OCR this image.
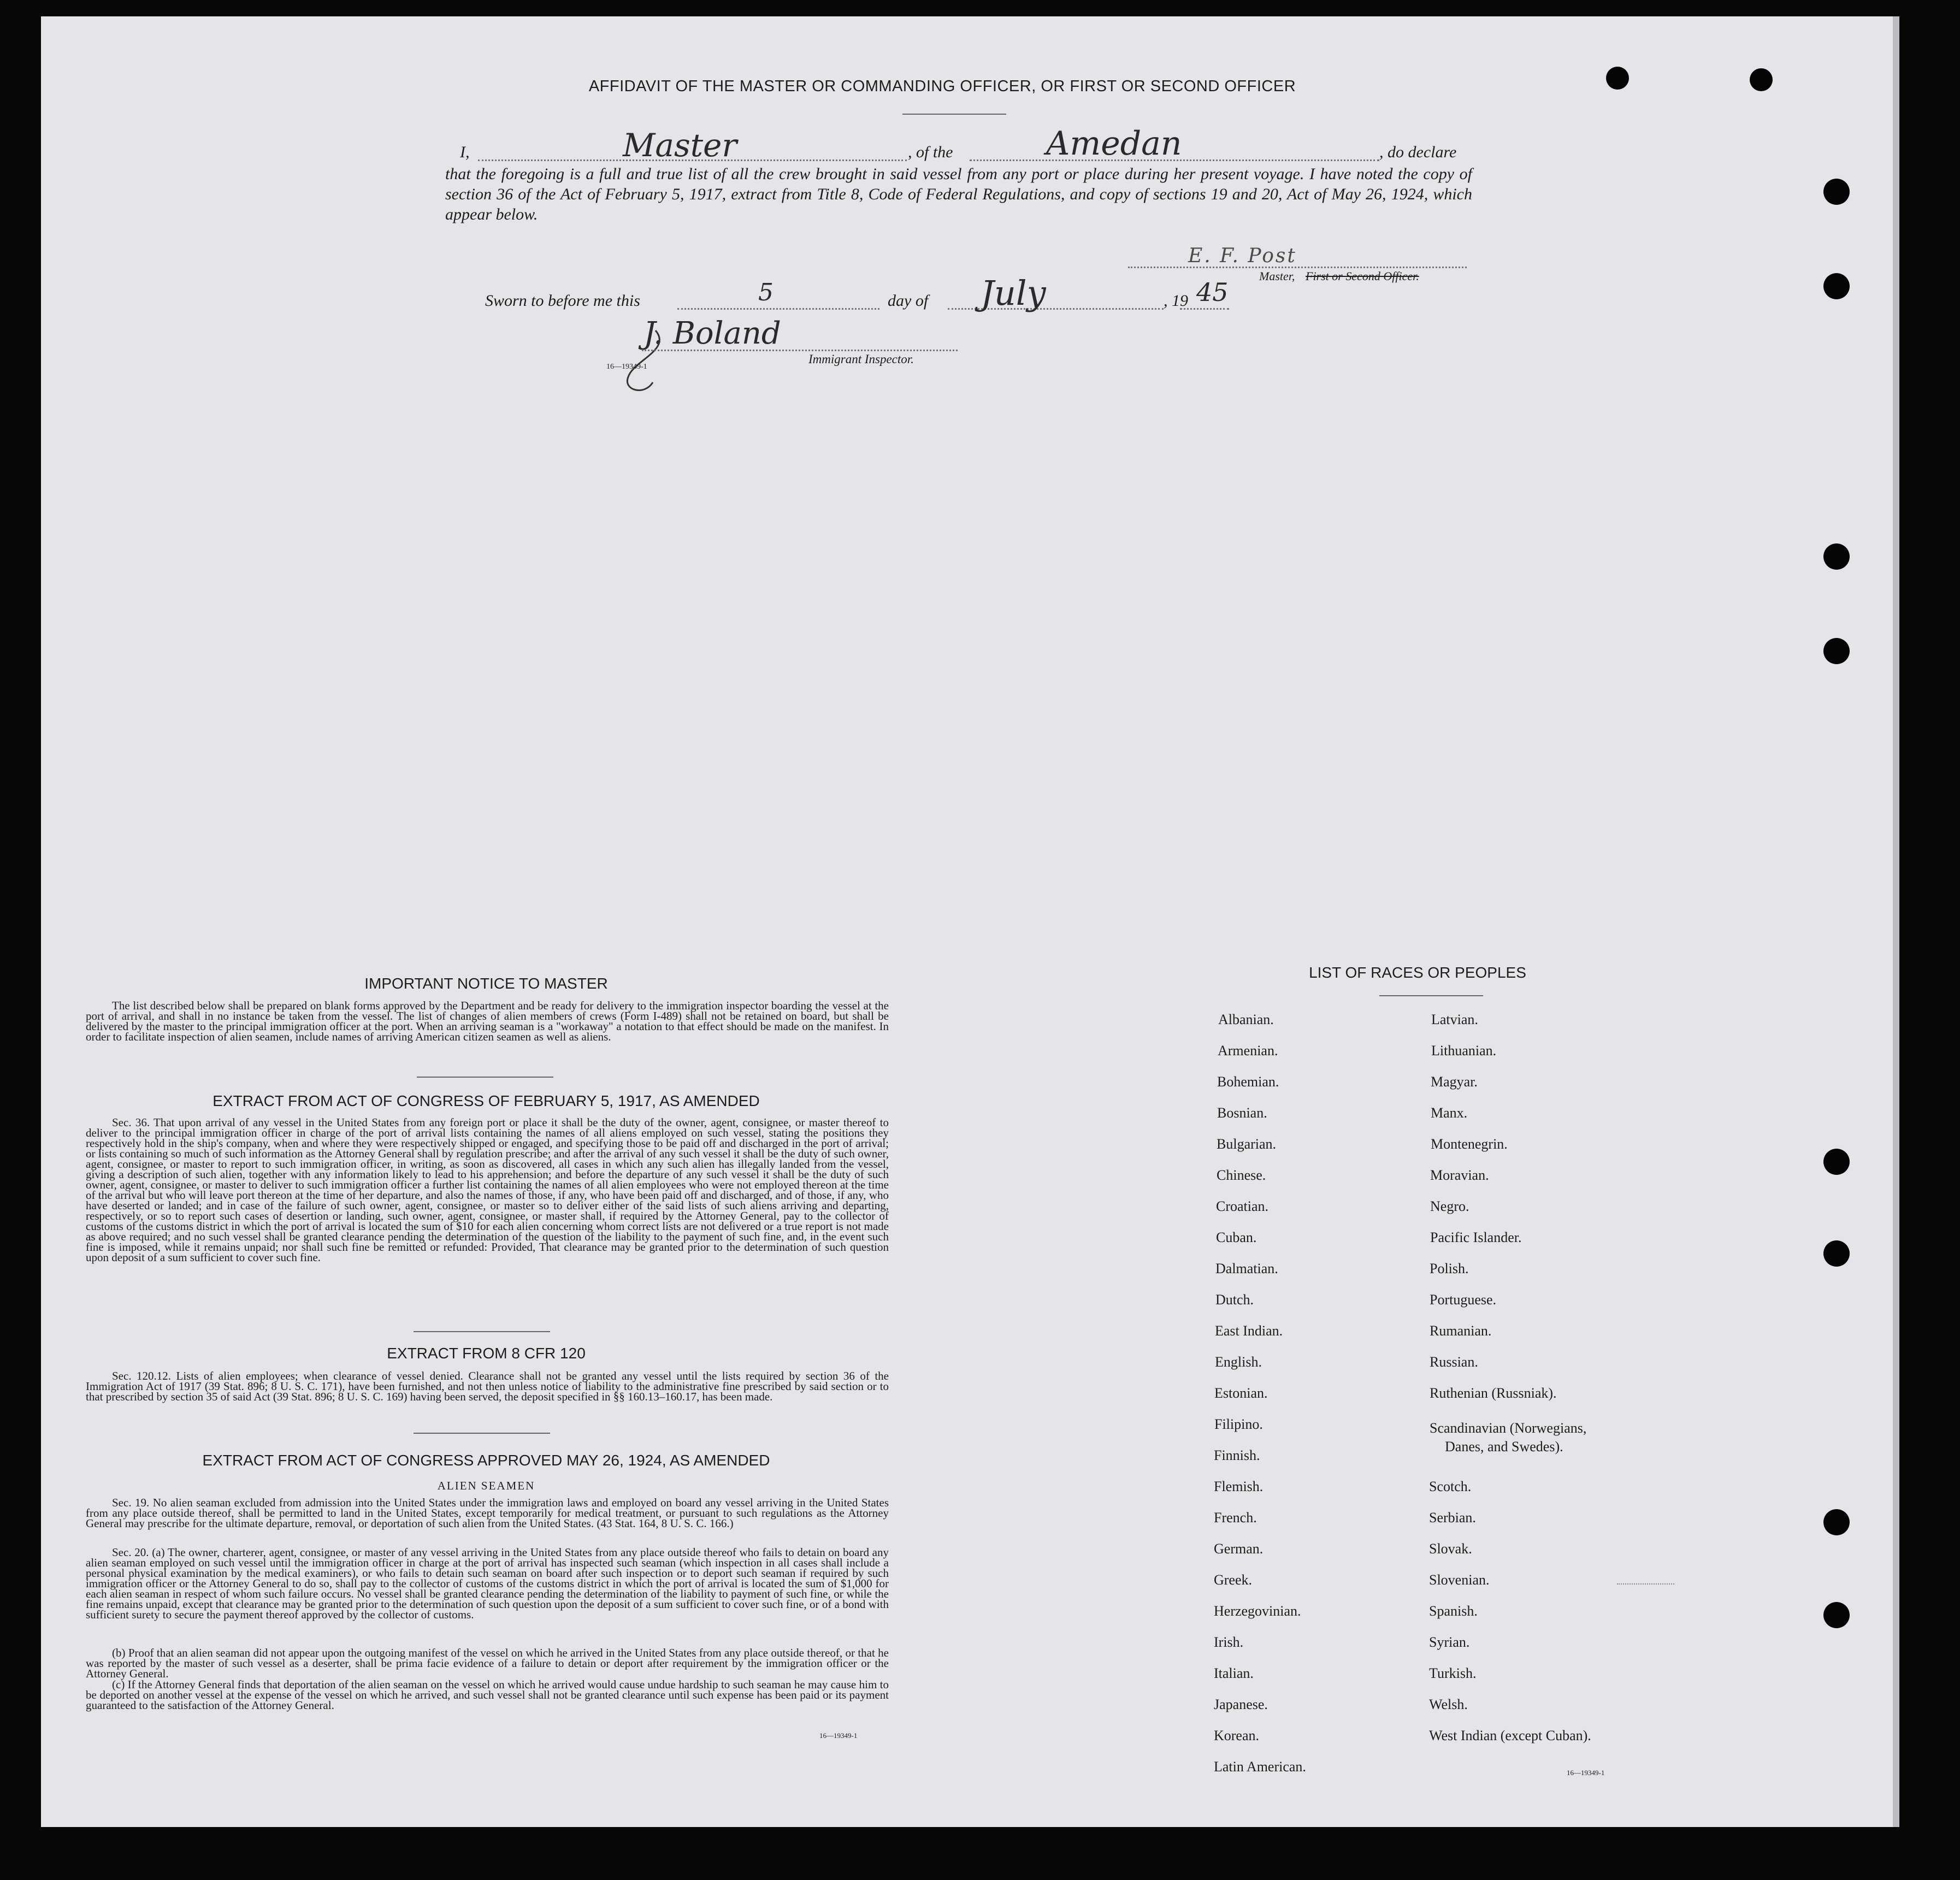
AFFIDAVIT OF THE MASTER OR COMMANDING OFFICER, OR FIRST OR SECOND OFFICER
I,	Master	, of the	Amedan	, do declare
that the foregoing is a full and true list of all the crew brought in said vessel from any port or place during her present voyage. I have noted the copy of section 36 of the Act of February 5, 1917, extract from Title 8, Code of Federal Regulations, and copy of sections 19 and 20, Act of May 26, 1924, which appear below.
E. F. Post
Master, First or Second Officer.
Sworn to before me this	5	day of July	, 19 45
J. Boland
16—19349-1
Immigrant Inspector.
IMPORTANT NOTICE TO MASTER
The list described below shall be prepared on blank forms approved by the Department and be ready for delivery to the immigration inspector boarding the vessel at the port of arrival, and shall in no instance be taken from the vessel. The list of changes of alien members of crews (Form I-489) shall not be retained on board, but shall be delivered by the master to the principal immigration officer at the port. When an arriving seaman is a "workaway" a notation to that effect should be made on the manifest. In order to facilitate inspection of alien seamen, include names of arriving American citizen seamen as well as aliens.
EXTRACT FROM ACT OF CONGRESS OF FEBRUARY 5, 1917, AS AMENDED
Sec. 36. That upon arrival of any vessel in the United States from any foreign port or place it shall be the duty of the owner, agent, consignee, or master thereof to deliver to the principal immigration officer in charge of the port of arrival lists containing the names of all aliens employed on such vessel, stating the positions they respectively hold in the ship's company, when and where they were respectively shipped or engaged, and specifying those to be paid off and discharged in the port of arrival; or lists containing so much of such information as the Attorney General shall by regulation prescribe; and after the arrival of any such vessel it shall be the duty of such owner, agent, consignee, or master to report to such immigration officer, in writing, as soon as discovered, all cases in which any such alien has illegally landed from the vessel, giving a description of such alien, together with any information likely to lead to his apprehension; and before the departure of any such vessel it shall be the duty of such owner, agent, consignee, or master to deliver to such immigration officer a further list containing the names of all alien employees who were not employed thereon at the time of the arrival but who will leave port thereon at the time of her departure, and also the names of those, if any, who have been paid off and discharged, and of those, if any, who have deserted or landed; and in case of the failure of such owner, agent, consignee, or master so to deliver either of the said lists of such aliens arriving and departing, respectively, or so to report such cases of desertion or landing, such owner, agent, consignee, or master shall, if required by the Attorney General, pay to the collector of customs of the customs district in which the port of arrival is located the sum of $10 for each alien concerning whom correct lists are not delivered or a true report is not made as above required; and no such vessel shall be granted clearance pending the determination of the question of the liability to the payment of such fine, and, in the event such fine is imposed, while it remains unpaid; nor shall such fine be remitted or refunded: Provided, That clearance may be granted prior to the determination of such question upon deposit of a sum sufficient to cover such fine.
EXTRACT FROM 8 CFR 120
Sec. 120.12. Lists of alien employees; when clearance of vessel denied. Clearance shall not be granted any vessel until the lists required by section 36 of the Immigration Act of 1917 (39 Stat. 896; 8 U. S. C. 171), have been furnished, and not then unless notice of liability to the administrative fine prescribed by said section or to that prescribed by section 35 of said Act (39 Stat. 896; 8 U. S. C. 169) having been served, the deposit specified in §§ 160.13–160.17, has been made.
EXTRACT FROM ACT OF CONGRESS APPROVED MAY 26, 1924, AS AMENDED
ALIEN SEAMEN
Sec. 19. No alien seaman excluded from admission into the United States under the immigration laws and employed on board any vessel arriving in the United States from any place outside thereof, shall be permitted to land in the United States, except temporarily for medical treatment, or pursuant to such regulations as the Attorney General may prescribe for the ultimate departure, removal, or deportation of such alien from the United States. (43 Stat. 164, 8 U. S. C. 166.)
Sec. 20. (a) The owner, charterer, agent, consignee, or master of any vessel arriving in the United States from any place outside thereof who fails to detain on board any alien seaman employed on such vessel until the immigration officer in charge at the port of arrival has inspected such seaman (which inspection in all cases shall include a personal physical examination by the medical examiners), or who fails to detain such seaman on board after such inspection or to deport such seaman if required by such immigration officer or the Attorney General to do so, shall pay to the collector of customs of the customs district in which the port of arrival is located the sum of $1,000 for each alien seaman in respect of whom such failure occurs. No vessel shall be granted clearance pending the determination of the liability to payment of such fine, or while the fine remains unpaid, except that clearance may be granted prior to the determination of such question upon the deposit of a sum sufficient to cover such fine, or of a bond with sufficient surety to secure the payment thereof approved by the collector of customs.
(b) Proof that an alien seaman did not appear upon the outgoing manifest of the vessel on which he arrived in the United States from any place outside thereof, or that he was reported by the master of such vessel as a deserter, shall be prima facie evidence of a failure to detain or deport after requirement by the immigration officer or the Attorney General.
(c) If the Attorney General finds that deportation of the alien seaman on the vessel on which he arrived would cause undue hardship to such seaman he may cause him to be deported on another vessel at the expense of the vessel on which he arrived, and such vessel shall not be granted clearance until such expense has been paid or its payment guaranteed to the satisfaction of the Attorney General.
16—19349-1
LIST OF RACES OR PEOPLES
Albanian.
Armenian.
Bohemian.
Bosnian.
Bulgarian.
Chinese.
Croatian.
Cuban.
Dalmatian.
Dutch.
East Indian.
English.
Estonian.
Filipino.
Finnish.
Flemish.
French.
German.
Greek.
Herzegovinian.
Irish.
Italian.
Japanese.
Korean.
Latin American.
Latvian.
Lithuanian.
Magyar.
Manx.
Montenegrin.
Moravian.
Negro.
Pacific Islander.
Polish.
Portuguese.
Rumanian.
Russian.
Ruthenian (Russniak).
Scandinavian (Norwegians,
Danes, and Swedes).
Scotch.
Serbian.
Slovak.
Slovenian.
Spanish.
Syrian.
Turkish.
Welsh.
West Indian (except Cuban).
16—19349-1
